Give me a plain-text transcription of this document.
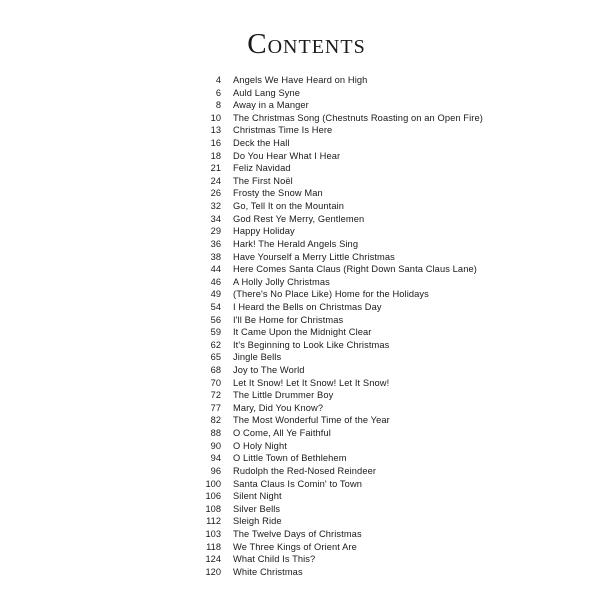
Contents
4 Angels We Have Heard on High
6 Auld Lang Syne
8 Away in a Manger
10 The Christmas Song (Chestnuts Roasting on an Open Fire)
13 Christmas Time Is Here
16 Deck the Hall
18 Do You Hear What I Hear
21 Feliz Navidad
24 The First Noël
26 Frosty the Snow Man
32 Go, Tell It on the Mountain
34 God Rest Ye Merry, Gentlemen
29 Happy Holiday
36 Hark! The Herald Angels Sing
38 Have Yourself a Merry Little Christmas
44 Here Comes Santa Claus (Right Down Santa Claus Lane)
46 A Holly Jolly Christmas
49 (There's No Place Like) Home for the Holidays
54 I Heard the Bells on Christmas Day
56 I'll Be Home for Christmas
59 It Came Upon the Midnight Clear
62 It's Beginning to Look Like Christmas
65 Jingle Bells
68 Joy to The World
70 Let It Snow! Let It Snow! Let It Snow!
72 The Little Drummer Boy
77 Mary, Did You Know?
82 The Most Wonderful Time of the Year
88 O Come, All Ye Faithful
90 O Holy Night
94 O Little Town of Bethlehem
96 Rudolph the Red-Nosed Reindeer
100 Santa Claus Is Comin' to Town
106 Silent Night
108 Silver Bells
112 Sleigh Ride
103 The Twelve Days of Christmas
118 We Three Kings of Orient Are
124 What Child Is This?
120 White Christmas
